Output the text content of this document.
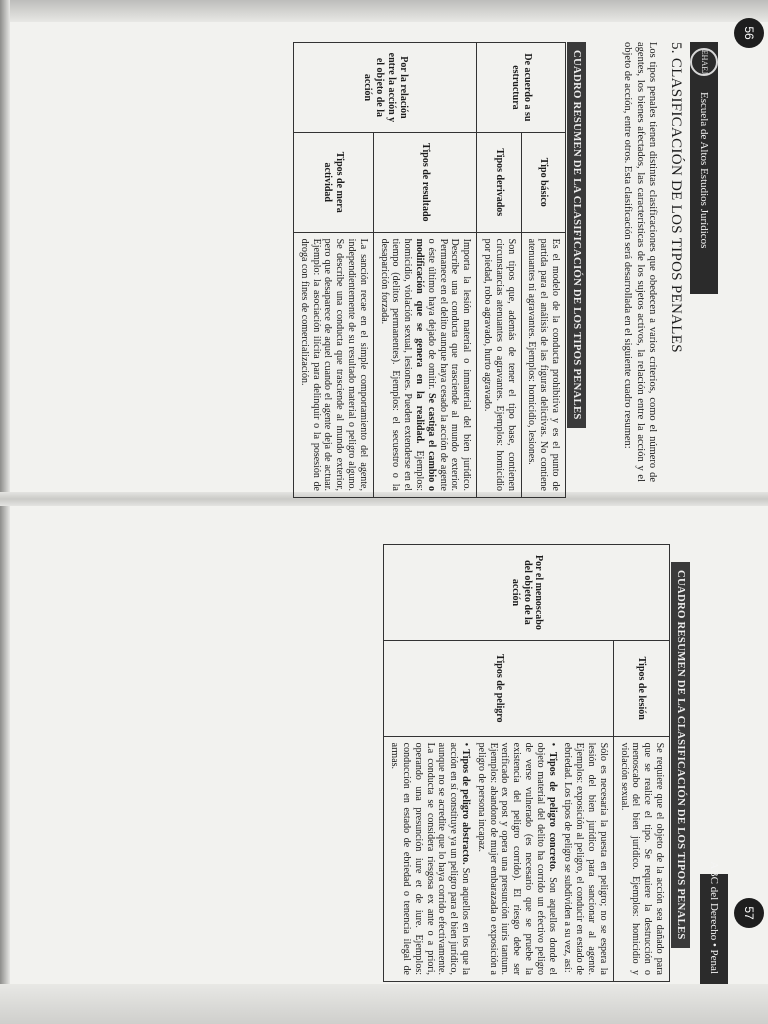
EHAEJ
Escuela de Altos Estudios Jurídicos
56
5. CLASIFICACIÓN DE LOS TIPOS PENALES
Los tipos penales tienen distintas clasificaciones que obedecen a varios criterios, como el número de agentes, los bienes afectados, las características de los sujetos activos, la relación entre la acción y el objeto de acción, entre otros. Esta clasificación será desarrollada en el siguiente cuadro resumen:
CUADRO RESUMEN DE LA CLASIFICACIÓN DE LOS TIPOS PENALES
De acuerdo a su estructura	Tipo básico	Es el modelo de la conducta prohibitiva y es el punto de partida para el análisis de las figuras delictivas. No contiene atenuantes ni agravantes. Ejemplos: homicidio, lesiones.
	Tipos derivados	Son tipos que, además de tener el tipo base, contienen circunstancias atenuantes o agravantes. Ejemplos: homicidio por piedad, robo agravado, hurto agravado.
Por la relación entre la acción y el objeto de la acción	Tipos de resultado	Importa la lesión material o inmaterial del bien jurídico. Describe una conducta que trasciende al mundo exterior. Permanece en el delito aunque haya cesado la acción de agente o éste último haya dejado de omitir. Se castiga el cambio o modificación que se genera en la realidad. Ejemplos: homicidio, violación sexual, lesiones. Pueden extenderse en el tiempo (delitos permanentes). Ejemplos: el secuestro o la desaparición forzada.
	Tipos de mera actividad	La sanción recae en el simple comportamiento del agente, independientemente de su resultado material o peligro alguno. Se describe una conducta que trasciende al mundo exterior, pero que desaparece de aquel cuando el agente deja de actuar. Ejemplo: la asociación ilícita para delinquir o la posesión de droga con fines de comercialización.
ABC del Derecho • Penal	57
CUADRO RESUMEN DE LA CLASIFICACIÓN DE LOS TIPOS PENALES
Por el menoscabo del objeto de la acción	Tipos de lesión	Se requiere que el objeto de la acción sea dañado para que se realice el tipo. Se requiere la destrucción o menoscabo del bien jurídico. Ejemplos: homicidio y violación sexual.
	Tipos de peligro	Sólo es necesaria la puesta en peligro; no se espera la lesión del bien jurídico para sancionar al agente. Ejemplos: exposición al peligro, el conducir en estado de ebriedad. Los tipos de peligro se subdividen a su vez, así:
• Tipos de peligro concreto. Son aquellos donde el objeto material del delito ha corrido un efectivo peligro de verse vulnerado (es necesario que se pruebe la existencia del peligro corrido). El riesgo debe ser verificado ex post y opera una presunción iuris tantum. Ejemplos: abandono de mujer embarazada o exposición a peligro de persona incapaz.
• Tipos de peligro abstracto. Son aquellos en los que la acción en sí constituye ya un peligro para el bien jurídico, aunque no se acredite que lo haya corrido efectivamente. La conducta se considera riesgosa ex ante o a priori, operando una presunción iure et de iure. Ejemplos: conducción en estado de ebriedad o tenencia ilegal de armas.
